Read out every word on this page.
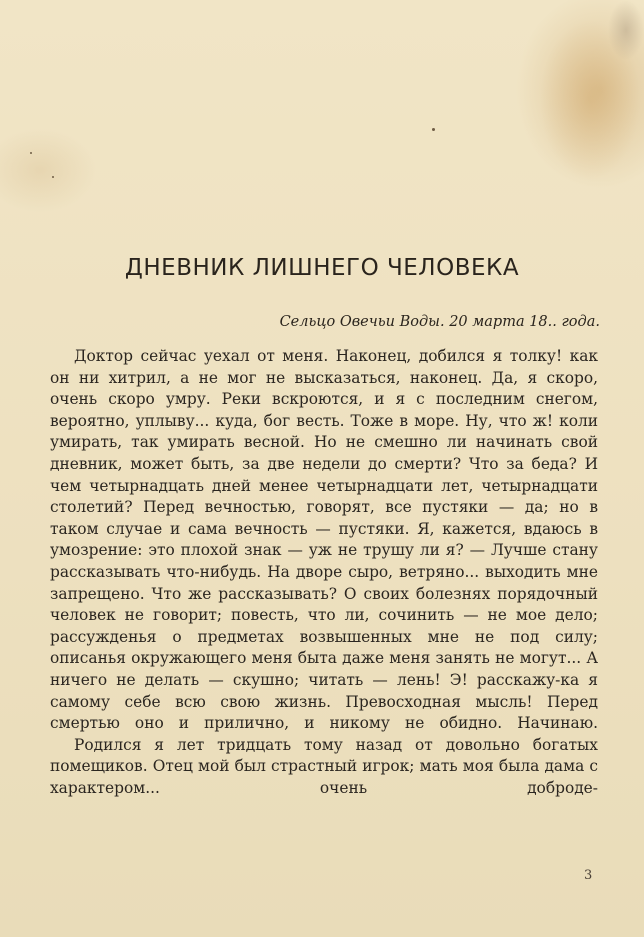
ДНЕВНИК ЛИШНЕГО ЧЕЛОВЕКА
Сельцо Овечьи Воды. 20 марта 18.. года.

Доктор сейчас уехал от меня. Наконец, добился я толку! как он ни хитрил, а не мог не высказаться, наконец. Да, я скоро, очень скоро умру. Реки вскроются, и я с последним снегом, вероятно, уплыву... куда, бог весть. Тоже в море. Ну, что ж! коли умирать, так умирать весной. Но не смешно ли начинать свой дневник, может быть, за две недели до смерти? Что за беда? И чем четырнадцать дней менее четырнадцати лет, четырнадцати столетий? Перед вечностью, говорят, все пустяки — да; но в таком случае и сама вечность — пустяки. Я, кажется, вдаюсь в умозрение: это плохой знак — уж не трушу ли я? — Лучше стану рассказывать что-нибудь. На дворе сыро, ветряно... выходить мне запрещено. Что же рассказывать? О своих болезнях порядочный человек не говорит; повесть, что ли, сочинить — не мое дело; рассужденья о предметах возвышенных мне не под силу; описанья окружающего меня быта даже меня занять не могут... А ничего не делать — скушно; читать — лень! Э! расскажу-ка я самому себе всю свою жизнь. Превосходная мысль! Перед смертью оно и прилично, и никому не обидно. Начинаю.

Родился я лет тридцать тому назад от довольно богатых помещиков. Отец мой был страстный игрок; мать моя была дама с характером... очень доброде-

3
